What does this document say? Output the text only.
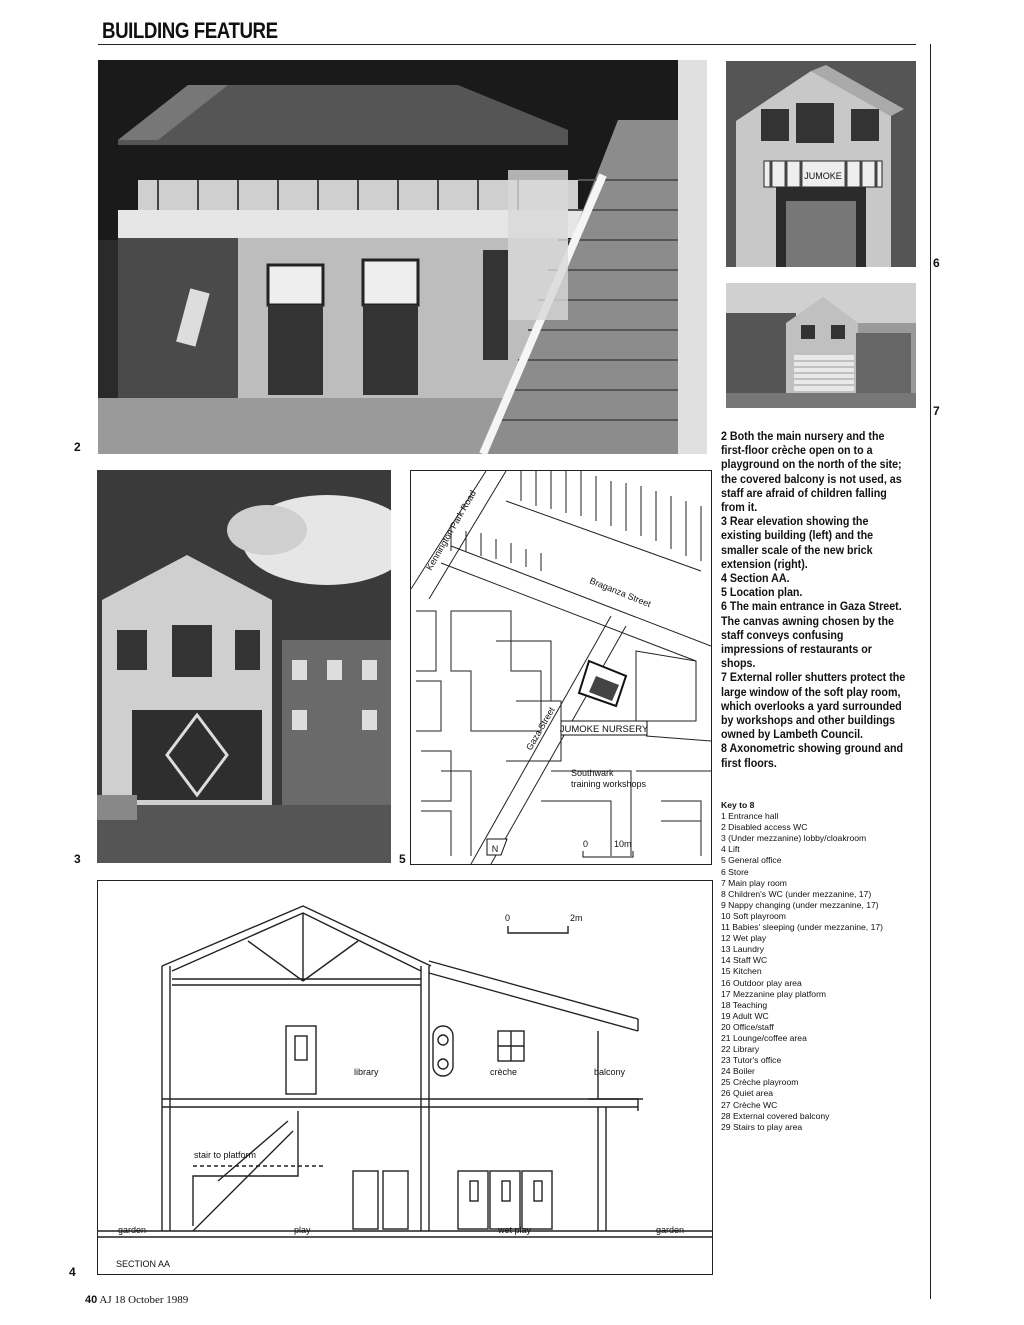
BUILDING FEATURE
JUMOKE
JUMOKE NURSERY
Kennington Park Road
Braganza Street
Gaza Street
Southwark
training workshops
0	10m
N
2
3
4
5
6
7

2 Both the main nursery and the first-floor crèche open on to a playground on the north of the site; the covered balcony is not used, as staff are afraid of children falling from it.

3 Rear elevation showing the existing building (left) and the smaller scale of the new brick extension (right).

4 Section AA.

5 Location plan.

6 The main entrance in Gaza Street. The canvas awning chosen by the staff conveys confusing impressions of restaurants or shops.

7 External roller shutters protect the large window of the soft play room, which overlooks a yard surrounded by workshops and other buildings owned by Lambeth Council.

8 Axonometric showing ground and first floors.

Key to 8
1 Entrance hall
2 Disabled access WC
3 (Under mezzanine) lobby/cloakroom
4 Lift
5 General office
6 Store
7 Main play room
8 Children's WC (under mezzanine, 17)
9 Nappy changing (under mezzanine, 17)
10 Soft playroom
11 Babies' sleeping (under mezzanine, 17)
12 Wet play
13 Laundry
14 Staff WC
15 Kitchen
16 Outdoor play area
17 Mezzanine play platform
18 Teaching
19 Adult WC
20 Office/staff
21 Lounge/coffee area
22 Library
23 Tutor's office
24 Boiler
25 Crèche playroom
26 Quiet area
27 Crèche WC
28 External covered balcony
29 Stairs to play area
0	2m
library	crèche	balcony
stair to platform
garden	play	wet play	garden
SECTION AA
40 AJ 18 October 1989
